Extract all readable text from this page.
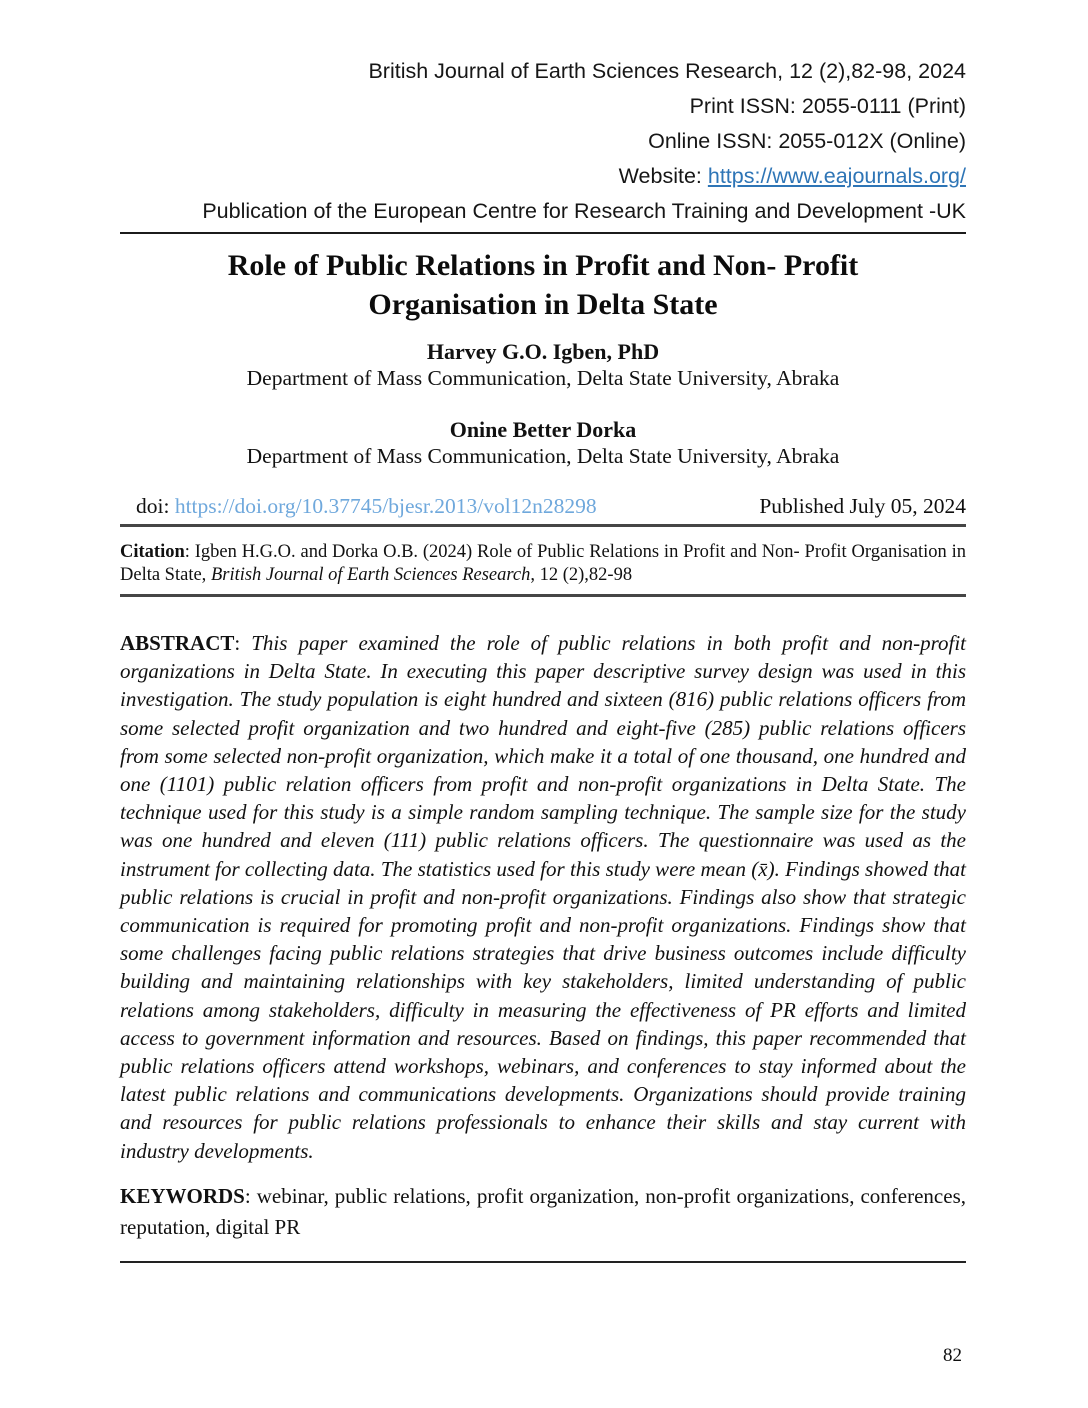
British Journal of Earth Sciences Research, 12 (2),82-98, 2024
Print ISSN: 2055-0111 (Print)
Online ISSN: 2055-012X (Online)
Website: https://www.eajournals.org/
Publication of the European Centre for Research Training and Development -UK
Role of Public Relations in Profit and Non- Profit
Organisation in Delta State
Harvey G.O. Igben, PhD
Department of Mass Communication, Delta State University, Abraka
Onine Better Dorka
Department of Mass Communication, Delta State University, Abraka
doi: https://doi.org/10.37745/bjesr.2013/vol12n28298	Published July 05, 2024

Citation: Igben H.G.O. and Dorka O.B. (2024) Role of Public Relations in Profit and Non- Profit Organisation in Delta State, British Journal of Earth Sciences Research, 12 (2),82-98

ABSTRACT: This paper examined the role of public relations in both profit and non-profit organizations in Delta State. In executing this paper descriptive survey design was used in this investigation. The study population is eight hundred and sixteen (816) public relations officers from some selected profit organization and two hundred and eight-five (285) public relations officers from some selected non-profit organization, which make it a total of one thousand, one hundred and one (1101) public relation officers from profit and non-profit organizations in Delta State. The technique used for this study is a simple random sampling technique. The sample size for the study was one hundred and eleven (111) public relations officers. The questionnaire was used as the instrument for collecting data. The statistics used for this study were mean (x̄). Findings showed that public relations is crucial in profit and non-profit organizations. Findings also show that strategic communication is required for promoting profit and non-profit organizations. Findings show that some challenges facing public relations strategies that drive business outcomes include difficulty building and maintaining relationships with key stakeholders, limited understanding of public relations among stakeholders, difficulty in measuring the effectiveness of PR efforts and limited access to government information and resources. Based on findings, this paper recommended that public relations officers attend workshops, webinars, and conferences to stay informed about the latest public relations and communications developments. Organizations should provide training and resources for public relations professionals to enhance their skills and stay current with industry developments.

KEYWORDS: webinar, public relations, profit organization, non-profit organizations, conferences, reputation, digital PR

82
